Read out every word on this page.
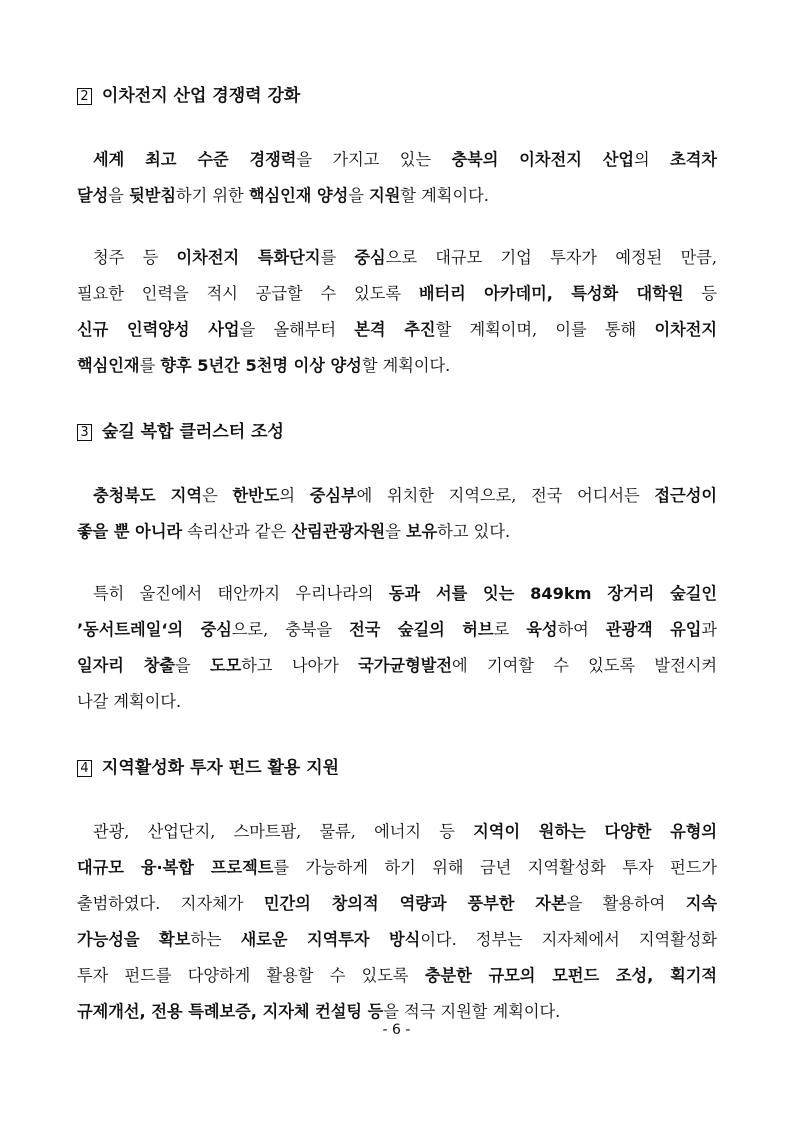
2 이차전지 산업 경쟁력 강화
세계 최고 수준 경쟁력을 가지고 있는 충북의 이차전지 산업의 초격차
달성을 뒷받침하기 위한 핵심인재 양성을 지원할 계획이다.
청주 등 이차전지 특화단지를 중심으로 대규모 기업 투자가 예정된 만큼,
필요한 인력을 적시 공급할 수 있도록 배터리 아카데미, 특성화 대학원 등
신규 인력양성 사업을 올해부터 본격 추진할 계획이며, 이를 통해 이차전지
핵심인재를 향후 5년간 5천명 이상 양성할 계획이다.
3 숲길 복합 클러스터 조성
충청북도 지역은 한반도의 중심부에 위치한 지역으로, 전국 어디서든 접근성이
좋을 뿐 아니라 속리산과 같은 산림관광자원을 보유하고 있다.
특히 울진에서 태안까지 우리나라의 동과 서를 잇는 849km 장거리 숲길인
’동서트레일‘의 중심으로, 충북을 전국 숲길의 허브로 육성하여 관광객 유입과
일자리 창출을 도모하고 나아가 국가균형발전에 기여할 수 있도록 발전시켜
나갈 계획이다.
4 지역활성화 투자 펀드 활용 지원
관광, 산업단지, 스마트팜, 물류, 에너지 등 지역이 원하는 다양한 유형의
대규모 융·복합 프로젝트를 가능하게 하기 위해 금년 지역활성화 투자 펀드가
출범하였다. 지자체가 민간의 창의적 역량과 풍부한 자본을 활용하여 지속
가능성을 확보하는 새로운 지역투자 방식이다. 정부는 지자체에서 지역활성화
투자 펀드를 다양하게 활용할 수 있도록 충분한 규모의 모펀드 조성, 획기적
규제개선, 전용 특례보증, 지자체 컨설팅 등을 적극 지원할 계획이다.
- 6 -
